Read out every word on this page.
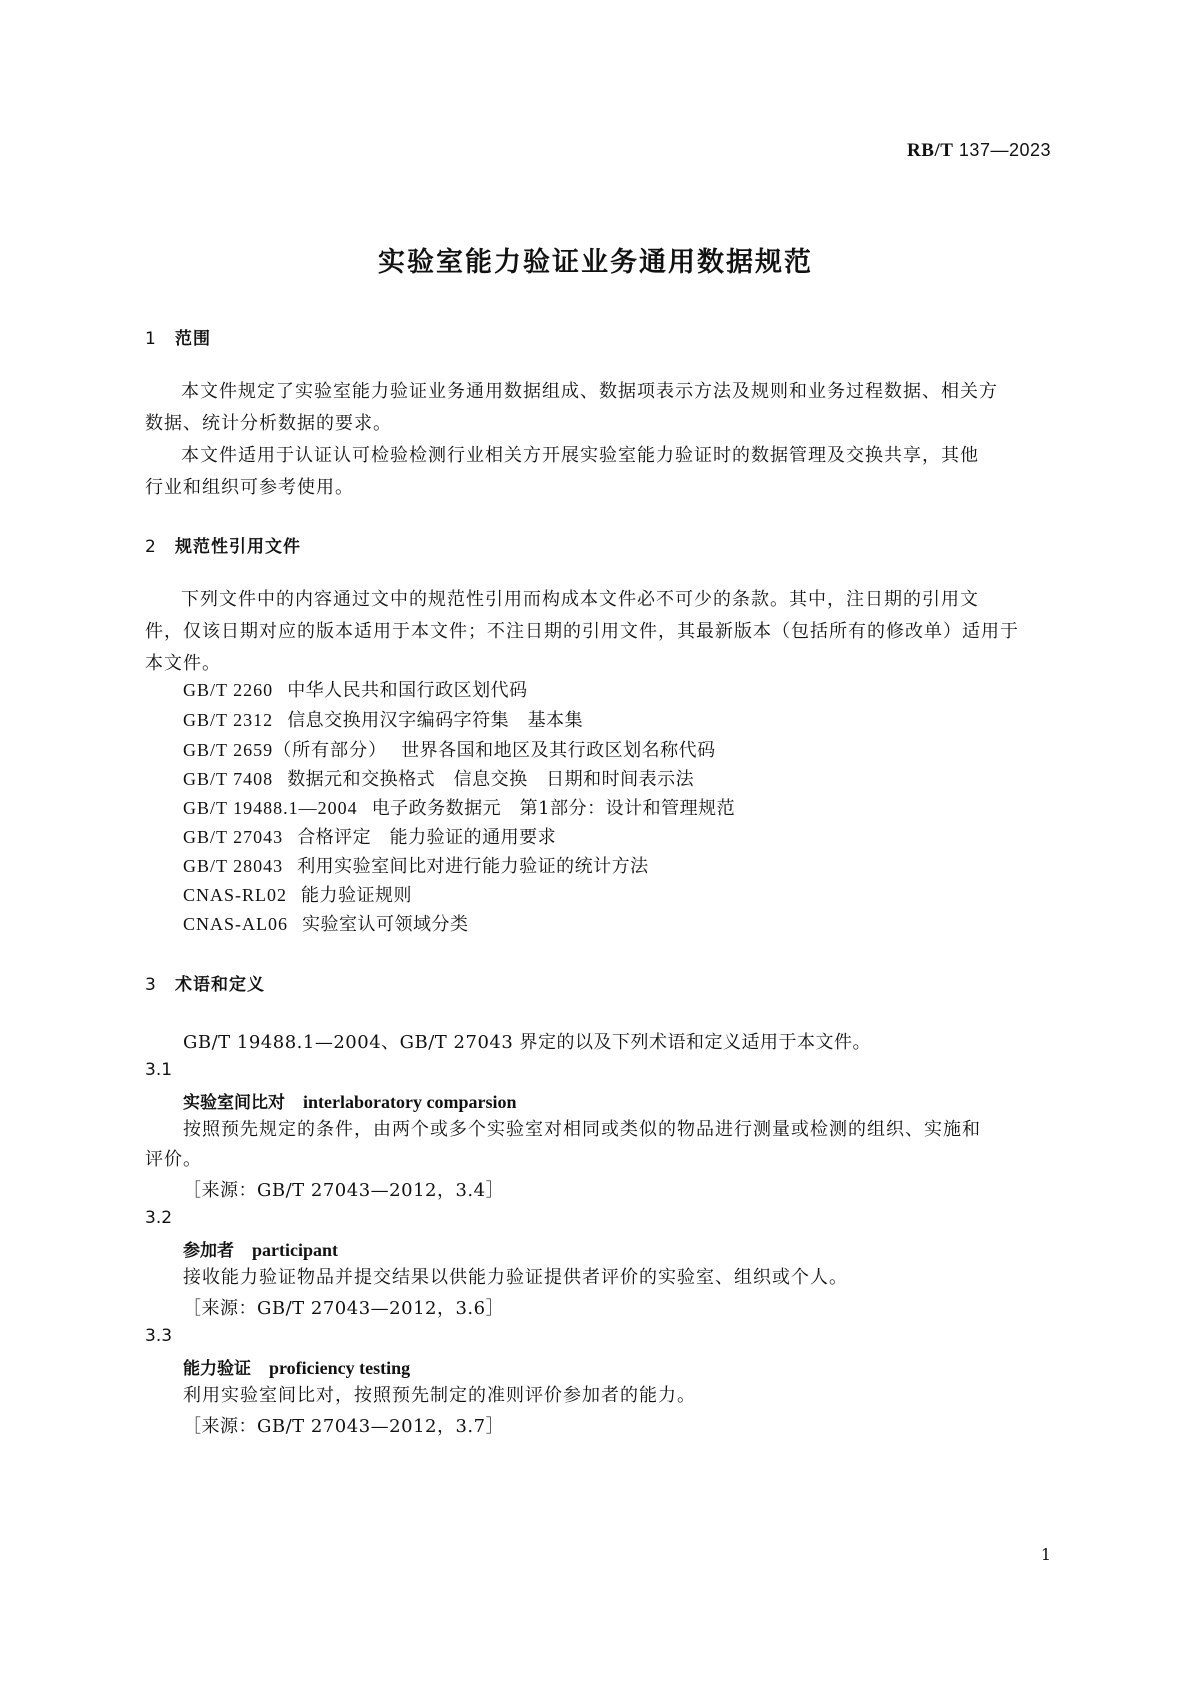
RB/T 137—2023
实验室能力验证业务通用数据规范
1 范围
本文件规定了实验室能力验证业务通用数据组成、数据项表示方法及规则和业务过程数据、相关方
数据、统计分析数据的要求。
本文件适用于认证认可检验检测行业相关方开展实验室能力验证时的数据管理及交换共享，其他
行业和组织可参考使用。
2 规范性引用文件
下列文件中的内容通过文中的规范性引用而构成本文件必不可少的条款。其中，注日期的引用文
件，仅该日期对应的版本适用于本文件；不注日期的引用文件，其最新版本（包括所有的修改单）适用于
本文件。
GB/T 2260 中华人民共和国行政区划代码
GB/T 2312 信息交换用汉字编码字符集　基本集
GB/T 2659（所有部分） 世界各国和地区及其行政区划名称代码
GB/T 7408 数据元和交换格式　信息交换　日期和时间表示法
GB/T 19488.1—2004 电子政务数据元　第1部分：设计和管理规范
GB/T 27043 合格评定　能力验证的通用要求
GB/T 28043 利用实验室间比对进行能力验证的统计方法
CNAS-RL02 能力验证规则
CNAS-AL06 实验室认可领域分类
3 术语和定义
GB/T 19488.1—2004、GB/T 27043 界定的以及下列术语和定义适用于本文件。
3.1
实验室间比对 interlaboratory comparsion
按照预先规定的条件，由两个或多个实验室对相同或类似的物品进行测量或检测的组织、实施和
评价。
［来源：GB/T 27043—2012，3.4］
3.2
参加者 participant
接收能力验证物品并提交结果以供能力验证提供者评价的实验室、组织或个人。
［来源：GB/T 27043—2012，3.6］
3.3
能力验证 proficiency testing
利用实验室间比对，按照预先制定的准则评价参加者的能力。
［来源：GB/T 27043—2012，3.7］
1
